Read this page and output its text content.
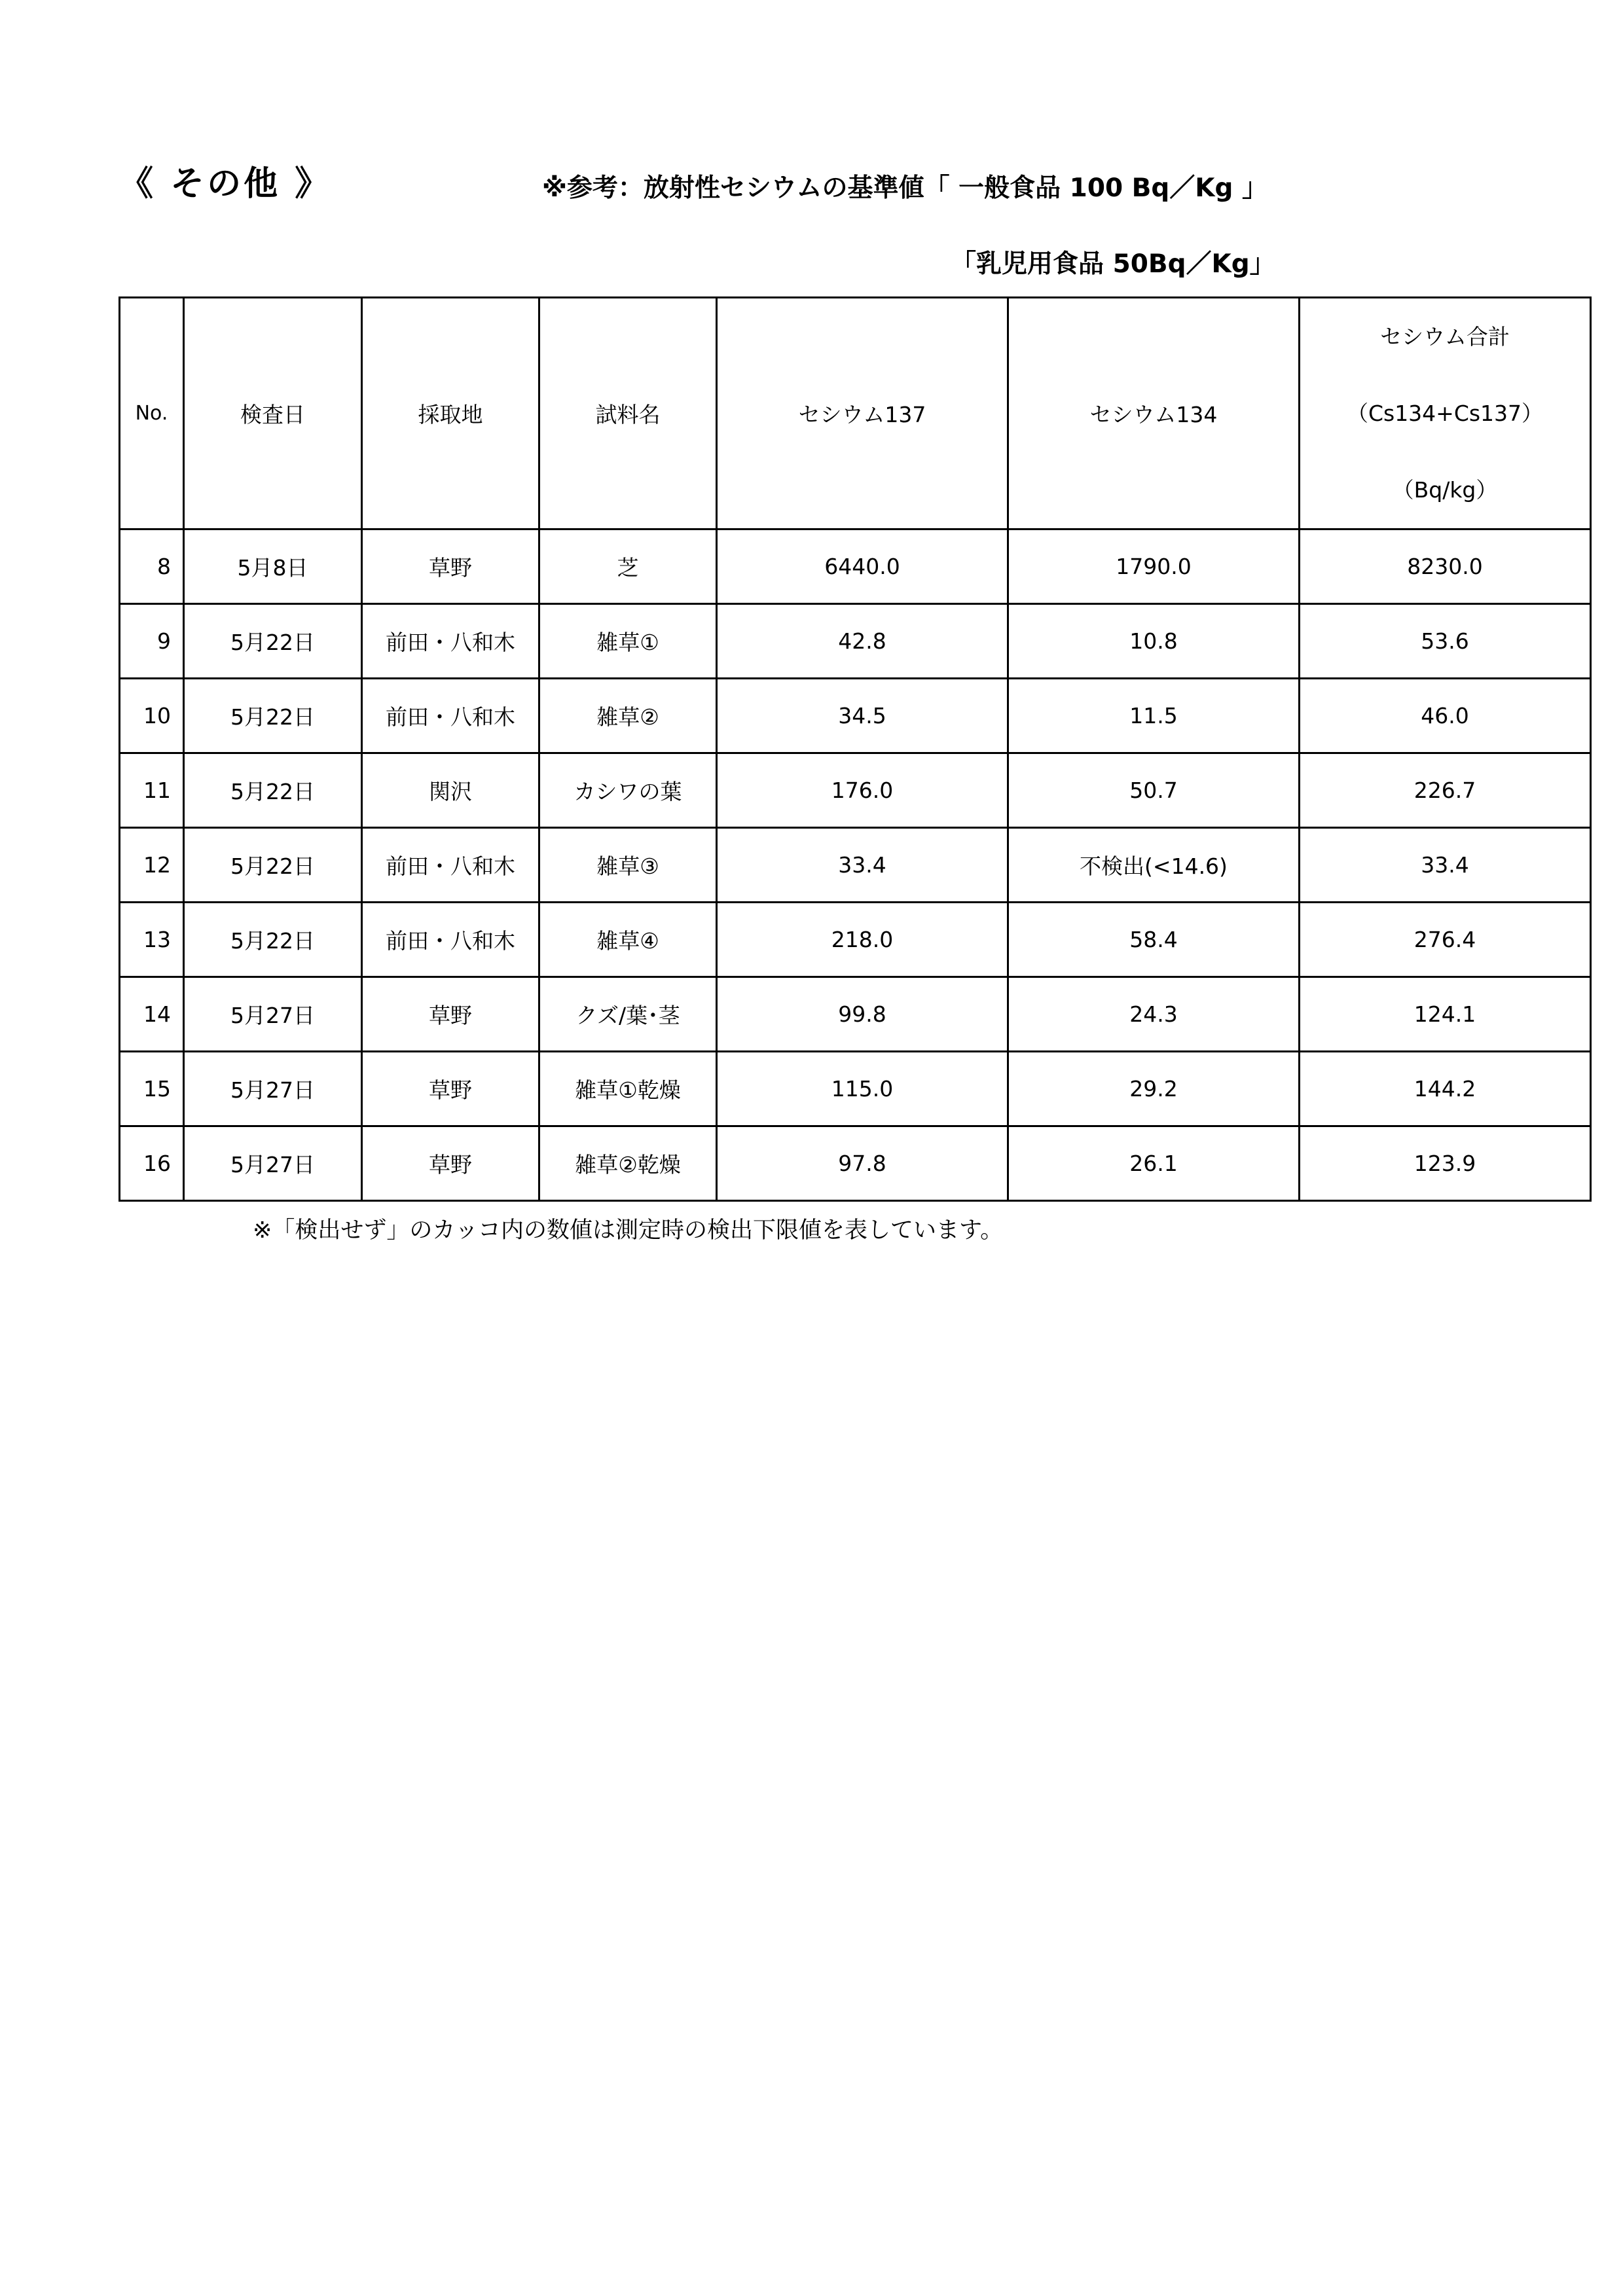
《 その他 》	※参考：放射性セシウムの基準値「 一般食品 100 Bq／Kg 」
「乳児用食品 50Bq／Kg」
No.	検査日	採取地	試料名	セシウム137	セシウム134	セシウム合計
（Cs134+Cs137）
（Bq/kg）

8	5月8日	草野	芝	6440.0	1790.0	8230.0
9	5月22日	前田・八和木	雑草①	42.8	10.8	53.6
10	5月22日	前田・八和木	雑草②	34.5	11.5	46.0
11	5月22日	関沢	カシワの葉	176.0	50.7	226.7
12	5月22日	前田・八和木	雑草③	33.4	不検出(<14.6)	33.4
13	5月22日	前田・八和木	雑草④	218.0	58.4	276.4
14	5月27日	草野	クズ/葉･茎	99.8	24.3	124.1
15	5月27日	草野	雑草①乾燥	115.0	29.2	144.2
16	5月27日	草野	雑草②乾燥	97.8	26.1	123.9
※「検出せず」のカッコ内の数値は測定時の検出下限値を表しています。
